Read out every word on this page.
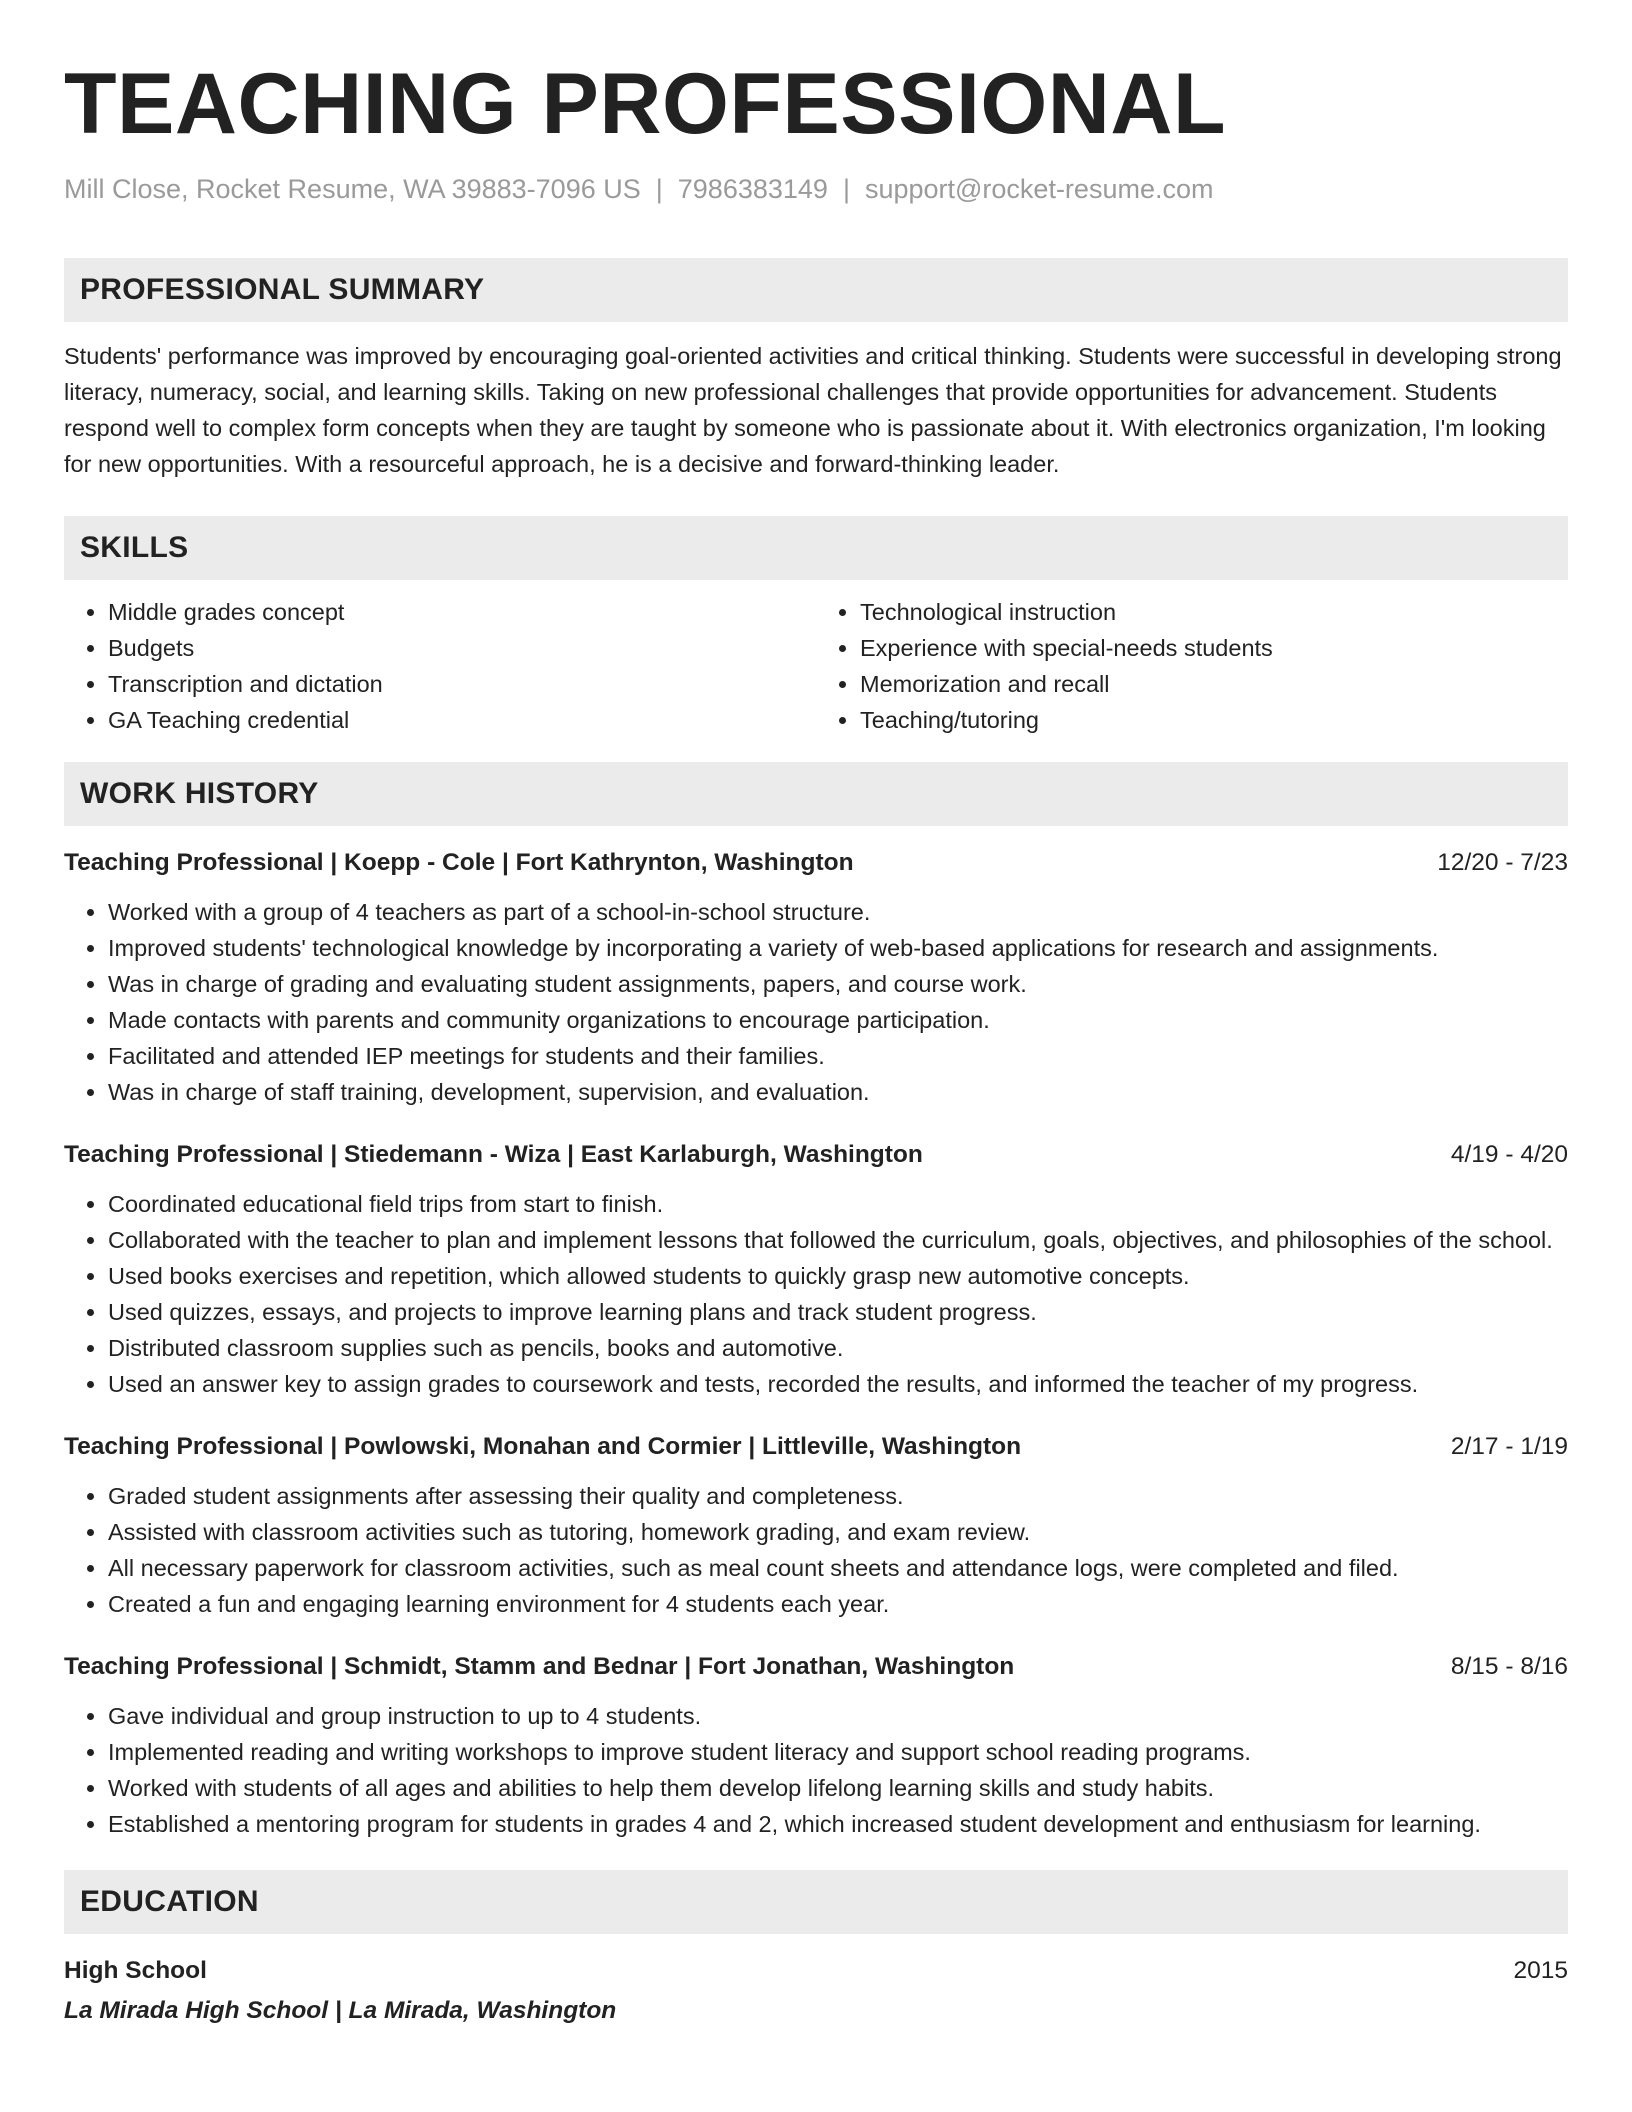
TEACHING PROFESSIONAL
Mill Close, Rocket Resume, WA 39883-7096 US | 7986383149 | support@rocket-resume.com
PROFESSIONAL SUMMARY
Students' performance was improved by encouraging goal-oriented activities and critical thinking. Students were successful in developing strong literacy, numeracy, social, and learning skills. Taking on new professional challenges that provide opportunities for advancement. Students respond well to complex form concepts when they are taught by someone who is passionate about it. With electronics organization, I'm looking for new opportunities. With a resourceful approach, he is a decisive and forward-thinking leader.
SKILLS
• Middle grades concept
• Budgets
• Transcription and dictation
• GA Teaching credential
• Technological instruction
• Experience with special-needs students
• Memorization and recall
• Teaching/tutoring
WORK HISTORY
Teaching Professional | Koepp - Cole | Fort Kathrynton, Washington	12/20 - 7/23
• Worked with a group of 4 teachers as part of a school-in-school structure.
• Improved students' technological knowledge by incorporating a variety of web-based applications for research and assignments.
• Was in charge of grading and evaluating student assignments, papers, and course work.
• Made contacts with parents and community organizations to encourage participation.
• Facilitated and attended IEP meetings for students and their families.
• Was in charge of staff training, development, supervision, and evaluation.
Teaching Professional | Stiedemann - Wiza | East Karlaburgh, Washington	4/19 - 4/20
• Coordinated educational field trips from start to finish.
• Collaborated with the teacher to plan and implement lessons that followed the curriculum, goals, objectives, and philosophies of the school.
• Used books exercises and repetition, which allowed students to quickly grasp new automotive concepts.
• Used quizzes, essays, and projects to improve learning plans and track student progress.
• Distributed classroom supplies such as pencils, books and automotive.
• Used an answer key to assign grades to coursework and tests, recorded the results, and informed the teacher of my progress.
Teaching Professional | Powlowski, Monahan and Cormier | Littleville, Washington	2/17 - 1/19
• Graded student assignments after assessing their quality and completeness.
• Assisted with classroom activities such as tutoring, homework grading, and exam review.
• All necessary paperwork for classroom activities, such as meal count sheets and attendance logs, were completed and filed.
• Created a fun and engaging learning environment for 4 students each year.
Teaching Professional | Schmidt, Stamm and Bednar | Fort Jonathan, Washington	8/15 - 8/16
• Gave individual and group instruction to up to 4 students.
• Implemented reading and writing workshops to improve student literacy and support school reading programs.
• Worked with students of all ages and abilities to help them develop lifelong learning skills and study habits.
• Established a mentoring program for students in grades 4 and 2, which increased student development and enthusiasm for learning.
EDUCATION
High School	2015
La Mirada High School | La Mirada, Washington
